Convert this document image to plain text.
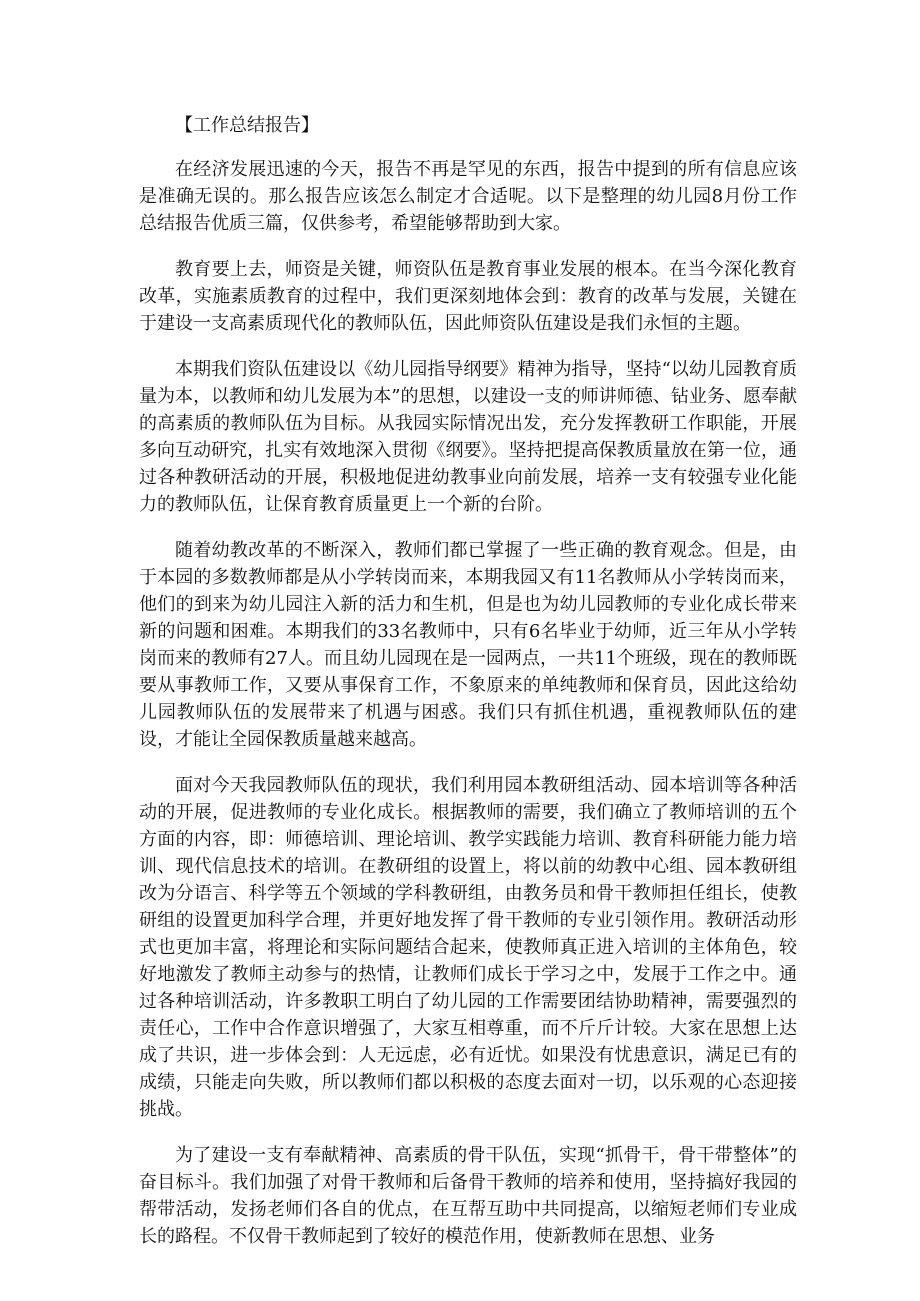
【工作总结报告】

在经济发展迅速的今天，报告不再是罕见的东西，报告中提到的所有信息应该是准确无误的。那么报告应该怎么制定才合适呢。以下是整理的幼儿园8月份工作总结报告优质三篇，仅供参考，希望能够帮助到大家。

教育要上去，师资是关键，师资队伍是教育事业发展的根本。在当今深化教育改革，实施素质教育的过程中，我们更深刻地体会到：教育的改革与发展，关键在于建设一支高素质现代化的教师队伍，因此师资队伍建设是我们永恒的主题。

本期我们资队伍建设以《幼儿园指导纲要》精神为指导，坚持“以幼儿园教育质量为本，以教师和幼儿发展为本”的思想，以建设一支的师讲师德、钻业务、愿奉献的高素质的教师队伍为目标。从我园实际情况出发，充分发挥教研工作职能，开展多向互动研究，扎实有效地深入贯彻《纲要》。坚持把提高保教质量放在第一位，通过各种教研活动的开展，积极地促进幼教事业向前发展，培养一支有较强专业化能力的教师队伍，让保育教育质量更上一个新的台阶。

随着幼教改革的不断深入，教师们都已掌握了一些正确的教育观念。但是，由于本园的多数教师都是从小学转岗而来，本期我园又有11名教师从小学转岗而来，他们的到来为幼儿园注入新的活力和生机，但是也为幼儿园教师的专业化成长带来新的问题和困难。本期我们的33名教师中，只有6名毕业于幼师，近三年从小学转岗而来的教师有27人。而且幼儿园现在是一园两点，一共11个班级，现在的教师既要从事教师工作，又要从事保育工作，不象原来的单纯教师和保育员，因此这给幼儿园教师队伍的发展带来了机遇与困惑。我们只有抓住机遇，重视教师队伍的建设，才能让全园保教质量越来越高。

面对今天我园教师队伍的现状，我们利用园本教研组活动、园本培训等各种活动的开展，促进教师的专业化成长。根据教师的需要，我们确立了教师培训的五个方面的内容，即：师德培训、理论培训、教学实践能力培训、教育科研能力能力培训、现代信息技术的培训。在教研组的设置上，将以前的幼教中心组、园本教研组改为分语言、科学等五个领域的学科教研组，由教务员和骨干教师担任组长，使教研组的设置更加科学合理，并更好地发挥了骨干教师的专业引领作用。教研活动形式也更加丰富，将理论和实际问题结合起来，使教师真正进入培训的主体角色，较好地激发了教师主动参与的热情，让教师们成长于学习之中，发展于工作之中。通过各种培训活动，许多教职工明白了幼儿园的工作需要团结协助精神，需要强烈的责任心，工作中合作意识增强了，大家互相尊重，而不斤斤计较。大家在思想上达成了共识，进一步体会到：人无远虑，必有近忧。如果没有忧患意识，满足已有的成绩，只能走向失败，所以教师们都以积极的态度去面对一切，以乐观的心态迎接挑战。

为了建设一支有奉献精神、高素质的骨干队伍，实现“抓骨干，骨干带整体”的奋目标斗。我们加强了对骨干教师和后备骨干教师的培养和使用，坚持搞好我园的帮带活动，发扬老师们各自的优点，在互帮互助中共同提高，以缩短老师们专业成长的路程。不仅骨干教师起到了较好的模范作用，使新教师在思想、业务
